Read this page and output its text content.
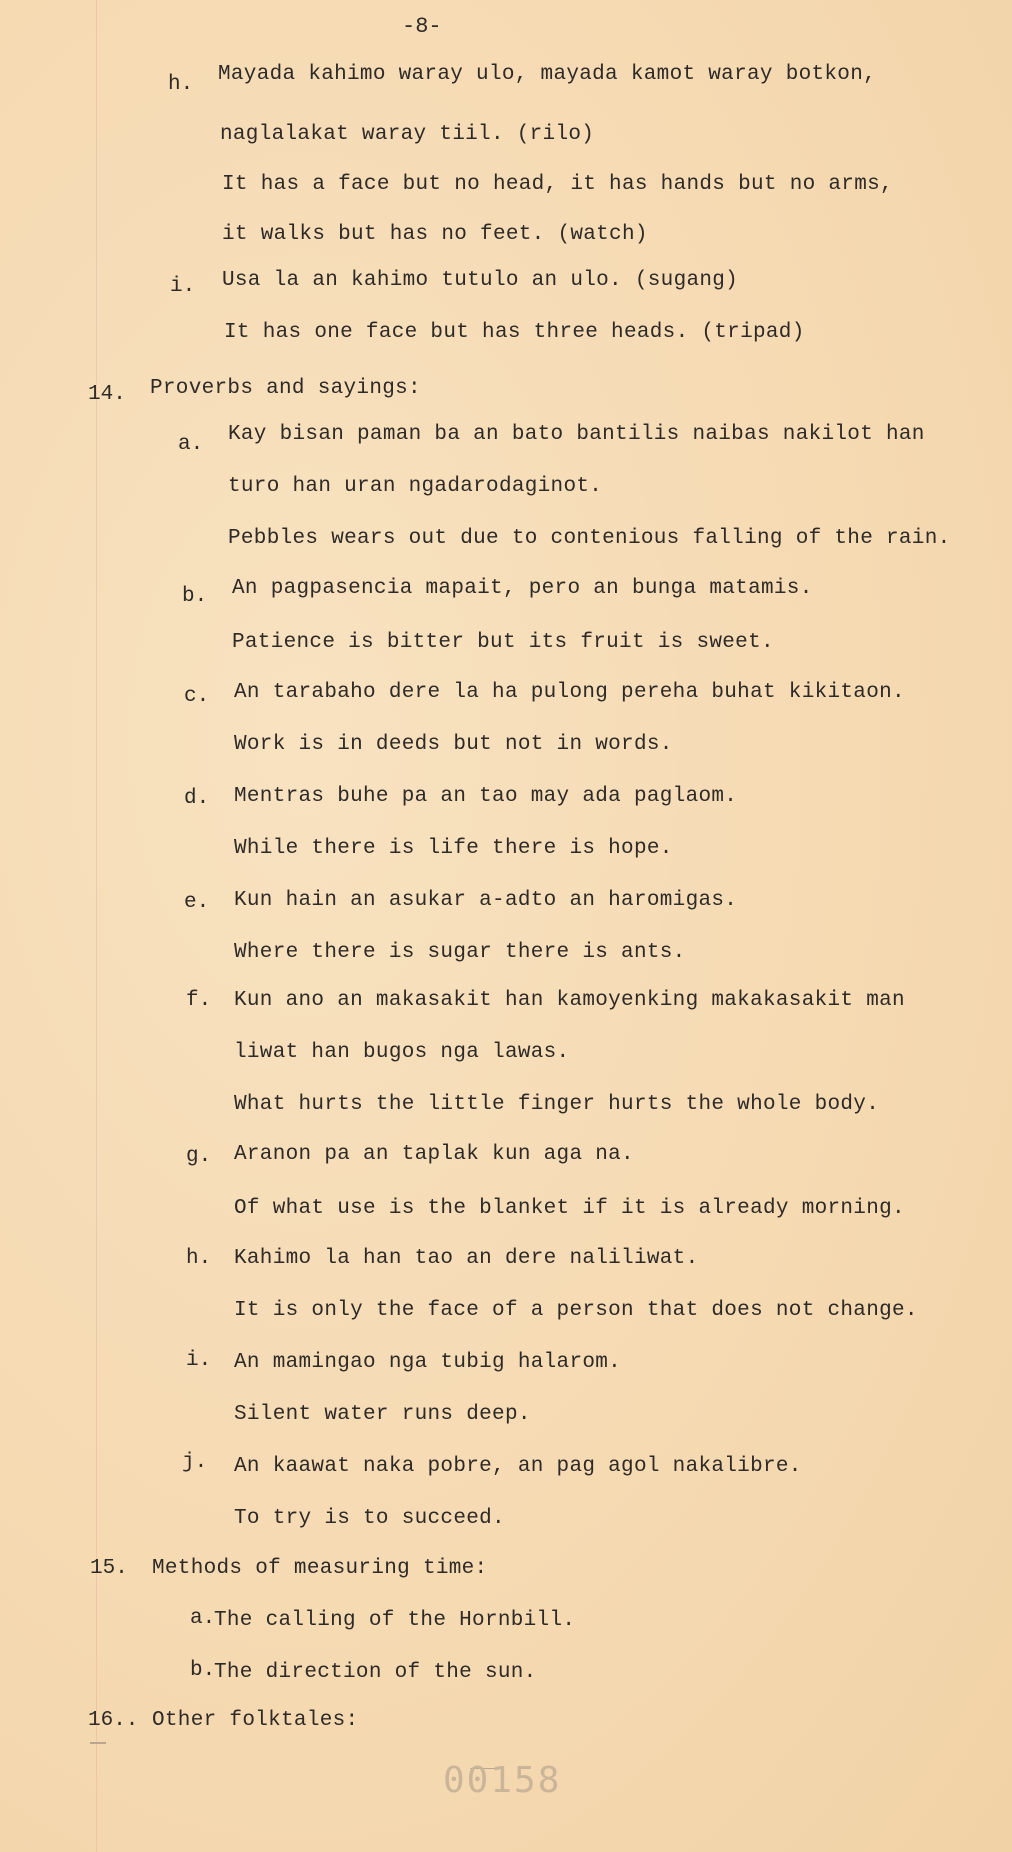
-8-
h. Mayada kahimo waray ulo, mayada kamot waray botkon,
naglalakat waray tiil. (rilo)
It has a face but no head, it has hands but no arms,
it walks but has no feet. (watch)
i. Usa la an kahimo tutulo an ulo. (sugang)
It has one face but has three heads. (tripad)
14. Proverbs and sayings:
a. Kay bisan paman ba an bato bantilis naibas nakilot han
turo han uran ngadarodaginot.
Pebbles wears out due to contenious falling of the rain.
b. An pagpasencia mapait, pero an bunga matamis.
Patience is bitter but its fruit is sweet.
c. An tarabaho dere la ha pulong pereha buhat kikitaon.
Work is in deeds but not in words.
d. Mentras buhe pa an tao may ada paglaom.
While there is life there is hope.
e. Kun hain an asukar a-adto an haromigas.
Where there is sugar there is ants.
f. Kun ano an makasakit han kamoyenking makakasakit man
liwat han bugos nga lawas.
What hurts the little finger hurts the whole body.
g. Aranon pa an taplak kun aga na.
Of what use is the blanket if it is already morning.
h. Kahimo la han tao an dere naliliwat.
It is only the face of a person that does not change.
i. An mamingao nga tubig halarom.
Silent water runs deep.
j. An kaawat naka pobre, an pag agol nakalibre.
To try is to succeed.
15. Methods of measuring time:
a.
The calling of the Hornbill.
b.
The direction of the sun.
16.. Other folktales:
00158
